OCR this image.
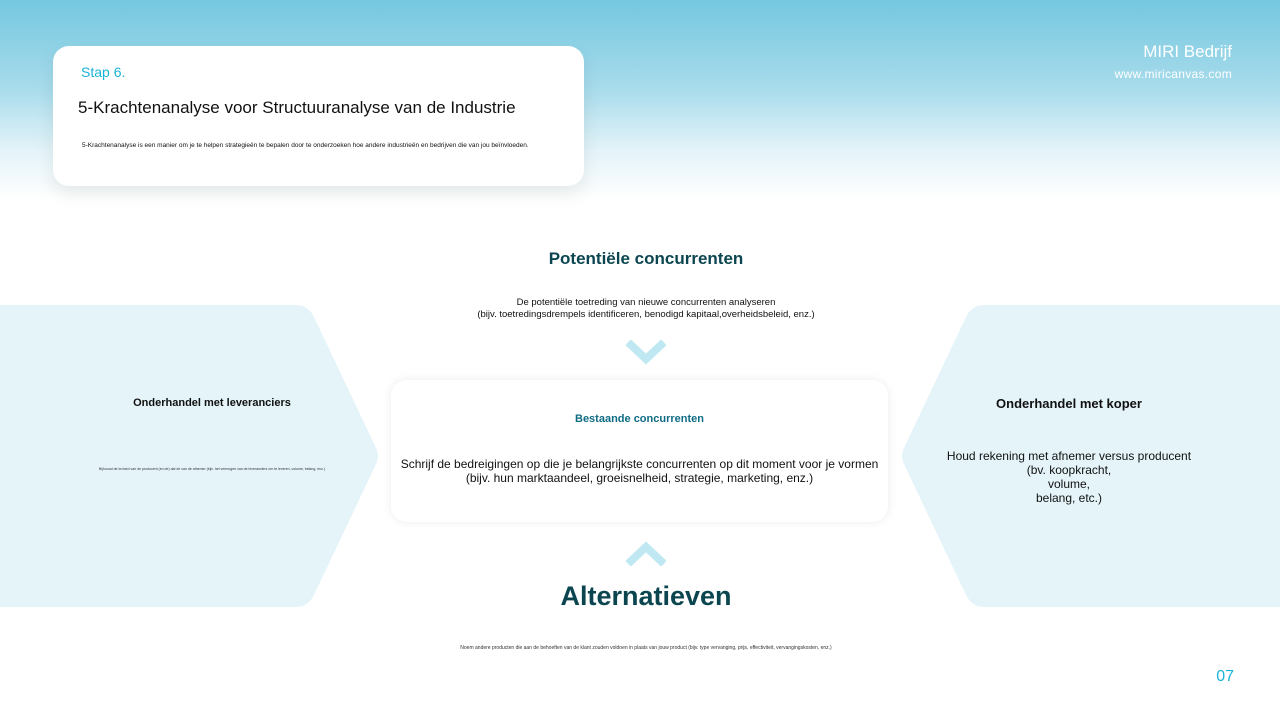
Stap 6.
5-Krachtenanalyse voor Structuuranalyse van de Industrie
5-Krachtenanalyse is een manier om je te helpen strategieën te bepalen door te onderzoeken hoe andere industrieën en bedrijven die van jou beïnvloeden.
MIRI Bedrijf
www.miricanvas.com
Onderhandel met leveranciers
Bijhouud de invloed van de producent (en de) dat de van de afnemer (bijv. het vermogen van de leveranciers om te leveren, volume, belang, enz.)
Onderhandel met koper
Houd rekening met afnemer versus producent
(bv. koopkracht,
volume,
belang, etc.)
Potentiële concurrenten
De potentiële toetreding van nieuwe concurrenten analyseren
(bijv. toetredingsdrempels identificeren, benodigd kapitaal,overheidsbeleid, enz.)
Bestaande concurrenten
Schrijf de bedreigingen op die je belangrijkste concurrenten op dit moment voor je vormen
(bijv. hun marktaandeel, groeisnelheid, strategie, marketing, enz.)
Alternatieven
Noem andere producten die aan de behoeften van de klant zouden voldoen in plaats van jouw product (bijv. type vervanging, prijs, effectiviteit, vervangingskosten, enz.)
07
